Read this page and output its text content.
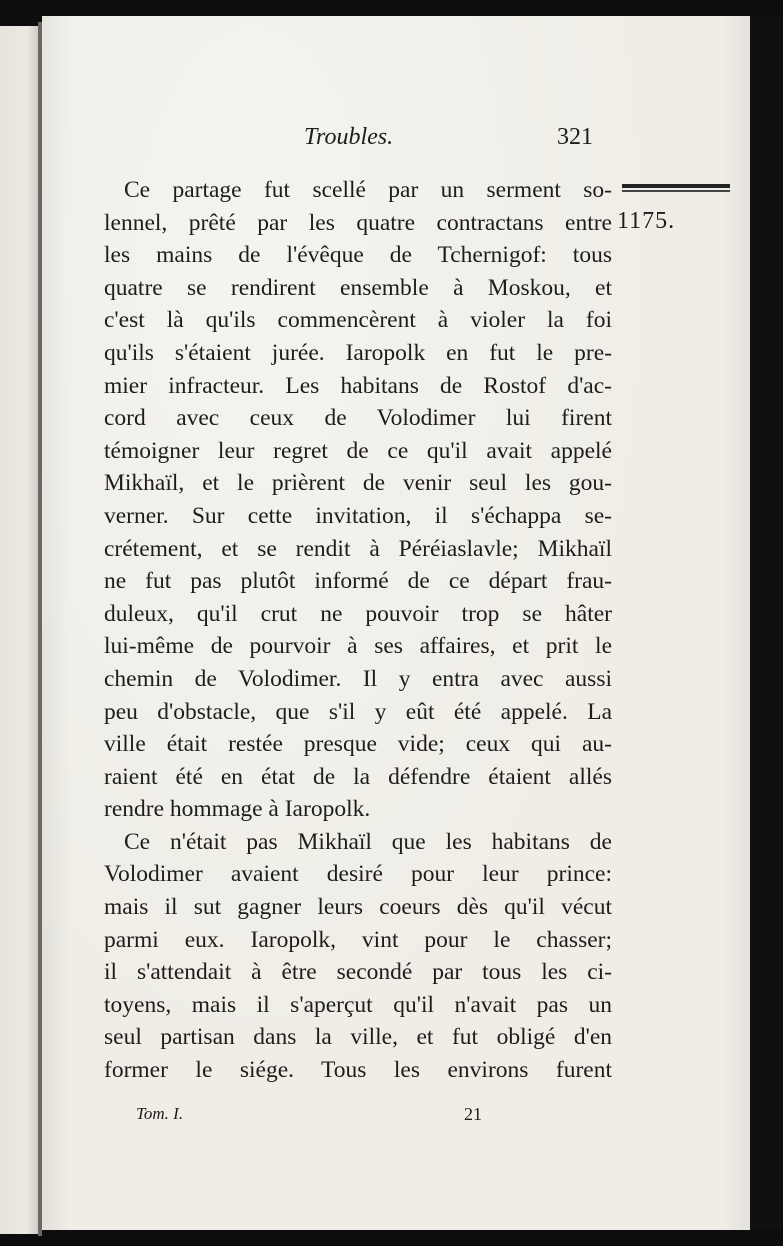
Troubles.	321
1175.
Ce partage fut scellé par un serment so-
lennel, prêté par les quatre contractans entre
les mains de l'évêque de Tchernigof: tous
quatre se rendirent ensemble à Moskou, et
c'est là qu'ils commencèrent à violer la foi
qu'ils s'étaient jurée. Iaropolk en fut le pre-
mier infracteur. Les habitans de Rostof d'ac-
cord avec ceux de Volodimer lui firent
témoigner leur regret de ce qu'il avait appelé
Mikhaïl, et le prièrent de venir seul les gou-
verner. Sur cette invitation, il s'échappa se-
crétement, et se rendit à Péréiaslavle; Mikhaïl
ne fut pas plutôt informé de ce départ frau-
duleux, qu'il crut ne pouvoir trop se hâter
lui-même de pourvoir à ses affaires, et prit le
chemin de Volodimer. Il y entra avec aussi
peu d'obstacle, que s'il y eût été appelé. La
ville était restée presque vide; ceux qui au-
raient été en état de la défendre étaient allés
rendre hommage à Iaropolk.
Ce n'était pas Mikhaïl que les habitans de
Volodimer avaient desiré pour leur prince:
mais il sut gagner leurs coeurs dès qu'il vécut
parmi eux. Iaropolk, vint pour le chasser;
il s'attendait à être secondé par tous les ci-
toyens, mais il s'aperçut qu'il n'avait pas un
seul partisan dans la ville, et fut obligé d'en
former le siége. Tous les environs furent
Tom. I.	21
